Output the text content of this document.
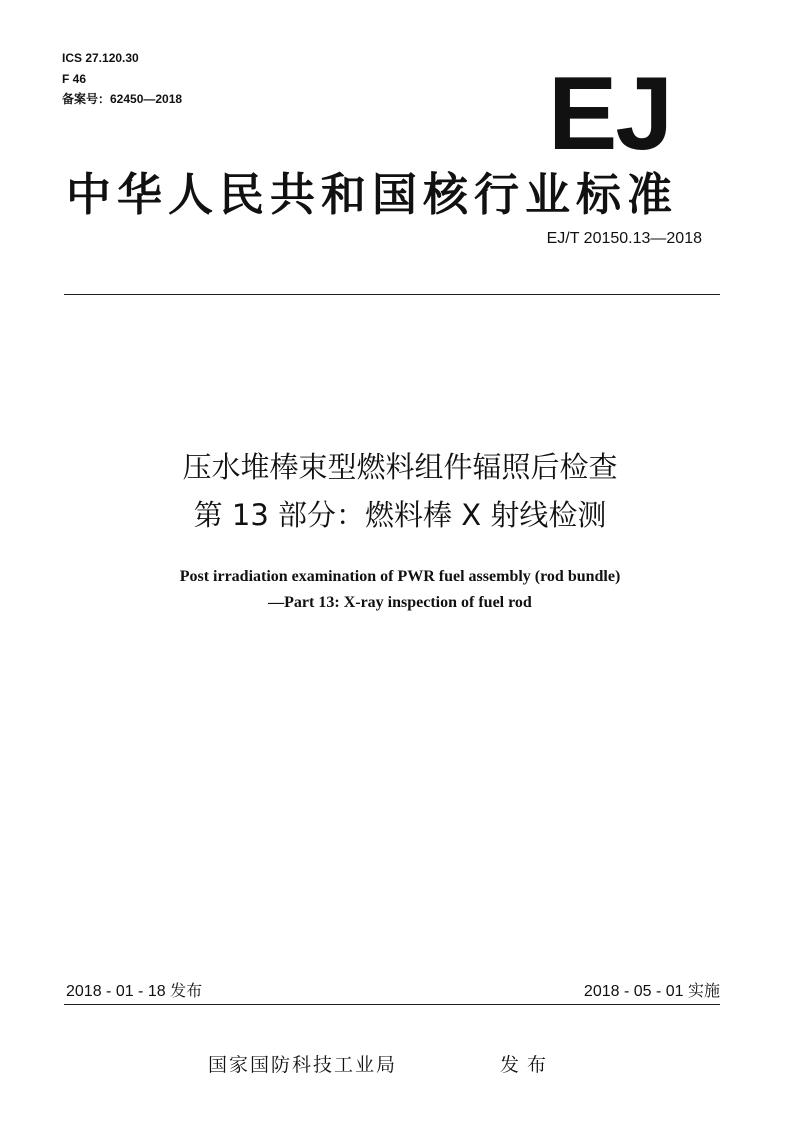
ICS 27.120.30
F 46
备案号：62450—2018	EJ
中华人民共和国核行业标准
EJ/T 20150.13—2018
压水堆棒束型燃料组件辐照后检查
第 13 部分：燃料棒 X 射线检测
Post irradiation examination of PWR fuel assembly (rod bundle)
—Part 13: X-ray inspection of fuel rod
2018 - 01 - 18 发布	2018 - 05 - 01 实施
国家国防科技工业局	发布
